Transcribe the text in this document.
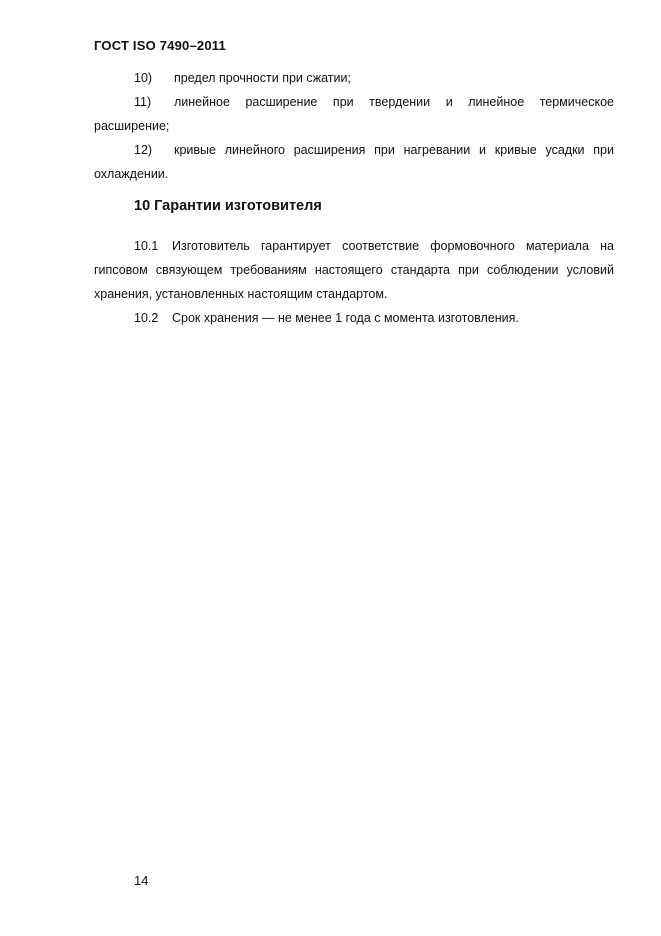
ГОСТ ISO 7490–2011
10) предел прочности при сжатии;
11) линейное расширение при твердении и линейное термическое расширение;
12) кривые линейного расширения при нагревании и кривые усадки при охлаждении.
10 Гарантии изготовителя
10.1 Изготовитель гарантирует соответствие формовочного материала на гипсовом связующем требованиям настоящего стандарта при соблюдении условий хранения, установленных настоящим стандартом.
10.2 Срок хранения — не менее 1 года с момента изготовления.
14
